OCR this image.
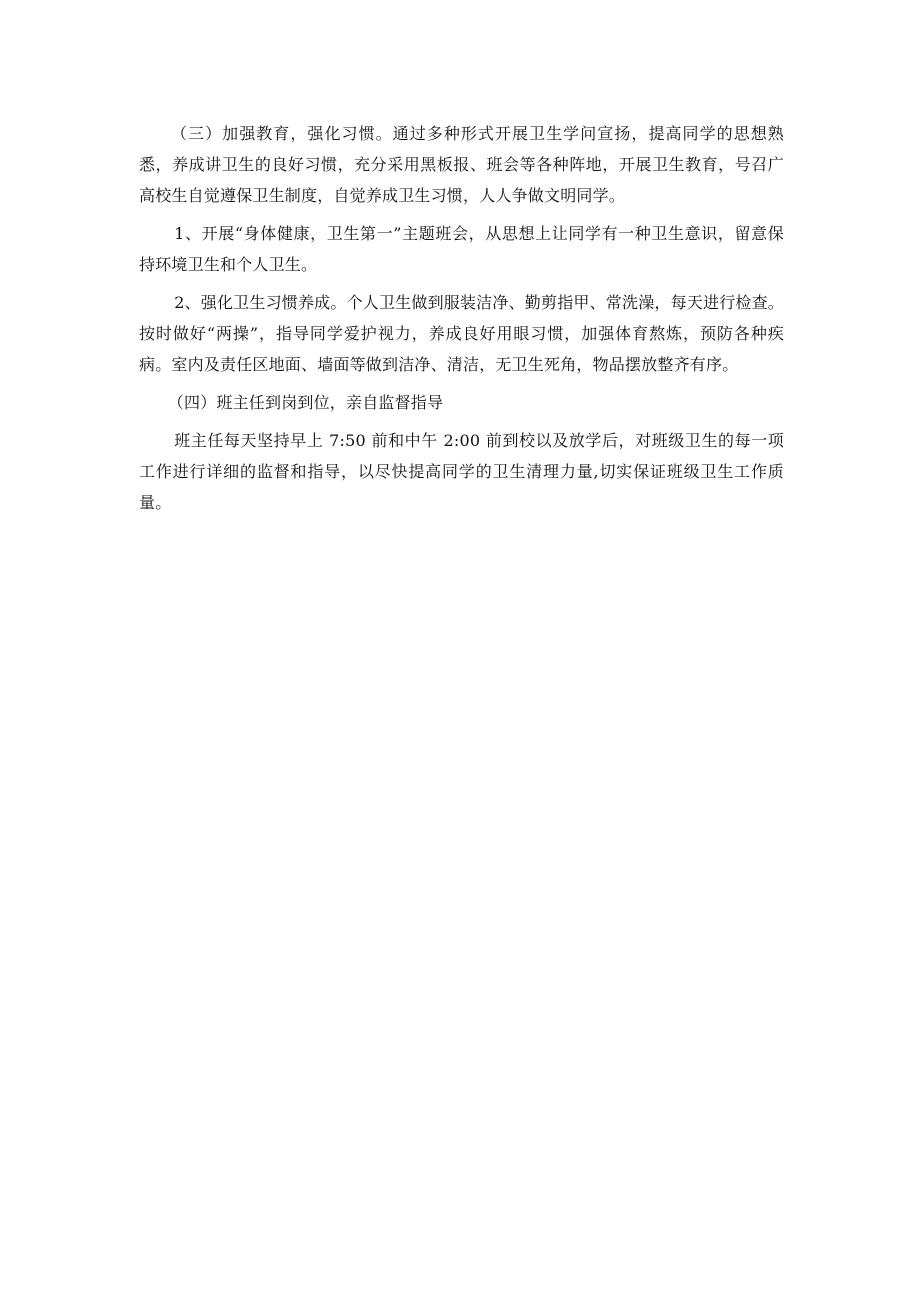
（三）加强教育，强化习惯。通过多种形式开展卫生学问宣扬，提高同学的思想熟悉，养成讲卫生的良好习惯，充分采用黑板报、班会等各种阵地，开展卫生教育，号召广高校生自觉遵保卫生制度，自觉养成卫生习惯，人人争做文明同学。

1、开展“身体健康，卫生第一”主题班会，从思想上让同学有一种卫生意识，留意保持环境卫生和个人卫生。

2、强化卫生习惯养成。个人卫生做到服装洁净、勤剪指甲、常洗澡，每天进行检查。按时做好“两操”，指导同学爱护视力，养成良好用眼习惯，加强体育熬炼，预防各种疾病。室内及责任区地面、墙面等做到洁净、清洁，无卫生死角，物品摆放整齐有序。

（四）班主任到岗到位，亲自监督指导

班主任每天坚持早上 7:50 前和中午 2:00 前到校以及放学后，对班级卫生的每一项工作进行详细的监督和指导，以尽快提高同学的卫生清理力量,切实保证班级卫生工作质量。
